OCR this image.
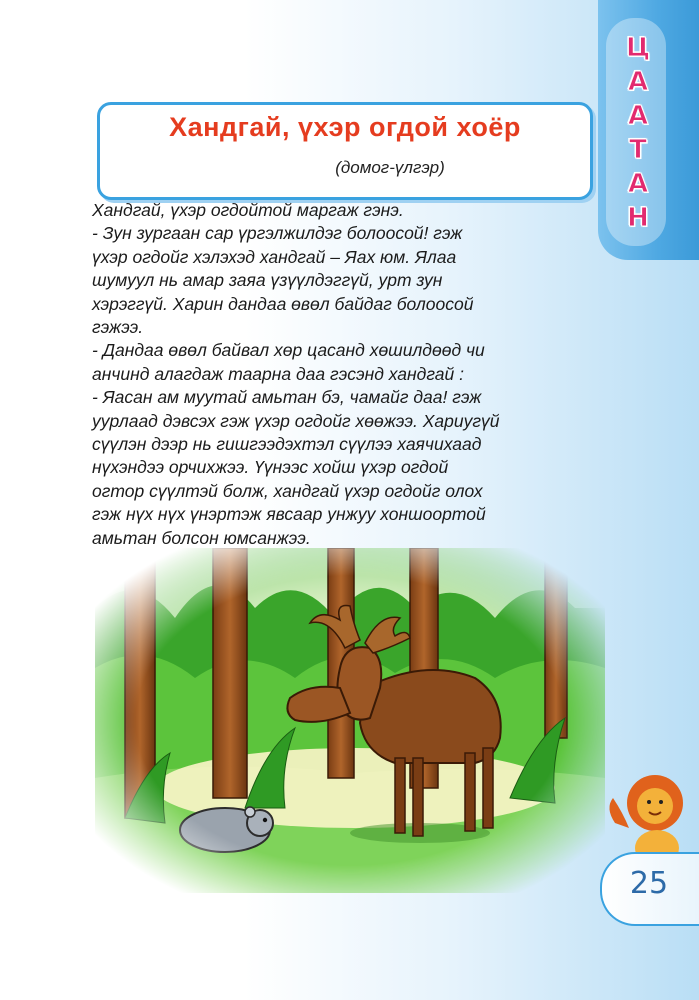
Ц
А
А
Т
А
Н
Хандгай, үхэр огдой хоёр
(домог-үлгэр)
Хандгай, үхэр огдойтой маргаж гэнэ.
- Зун зургаан сар үргэлжилдэг болоосой! гэж
үхэр огдойг хэлэхэд хандгай – Яах юм. Ялаа
шумуул нь амар заяа үзүүлдэггүй, урт зун
хэрэггүй. Харин дандаа өвөл байдаг болоосой
гэжээ.
- Дандаа өвөл байвал хөр цасанд хөшилдөөд чи
анчинд алагдаж таарна даа гэсэнд хандгай :
- Яасан ам муутай амьтан бэ, чамайг даа! гэж
уурлаад дэвсэх гэж үхэр огдойг хөөжээ. Хариугүй
сүүлэн дээр нь гишгээдэхтэл сүүлээ хаячихаад
нүхэндээ орчихжээ. Үүнээс хойш үхэр огдой
огтор сүүлтэй болж, хандгай үхэр огдойг олох
гэж нүх нүх үнэртэж явсаар унжуу хоншоортой
амьтан болсон юмсанжээ.
25
